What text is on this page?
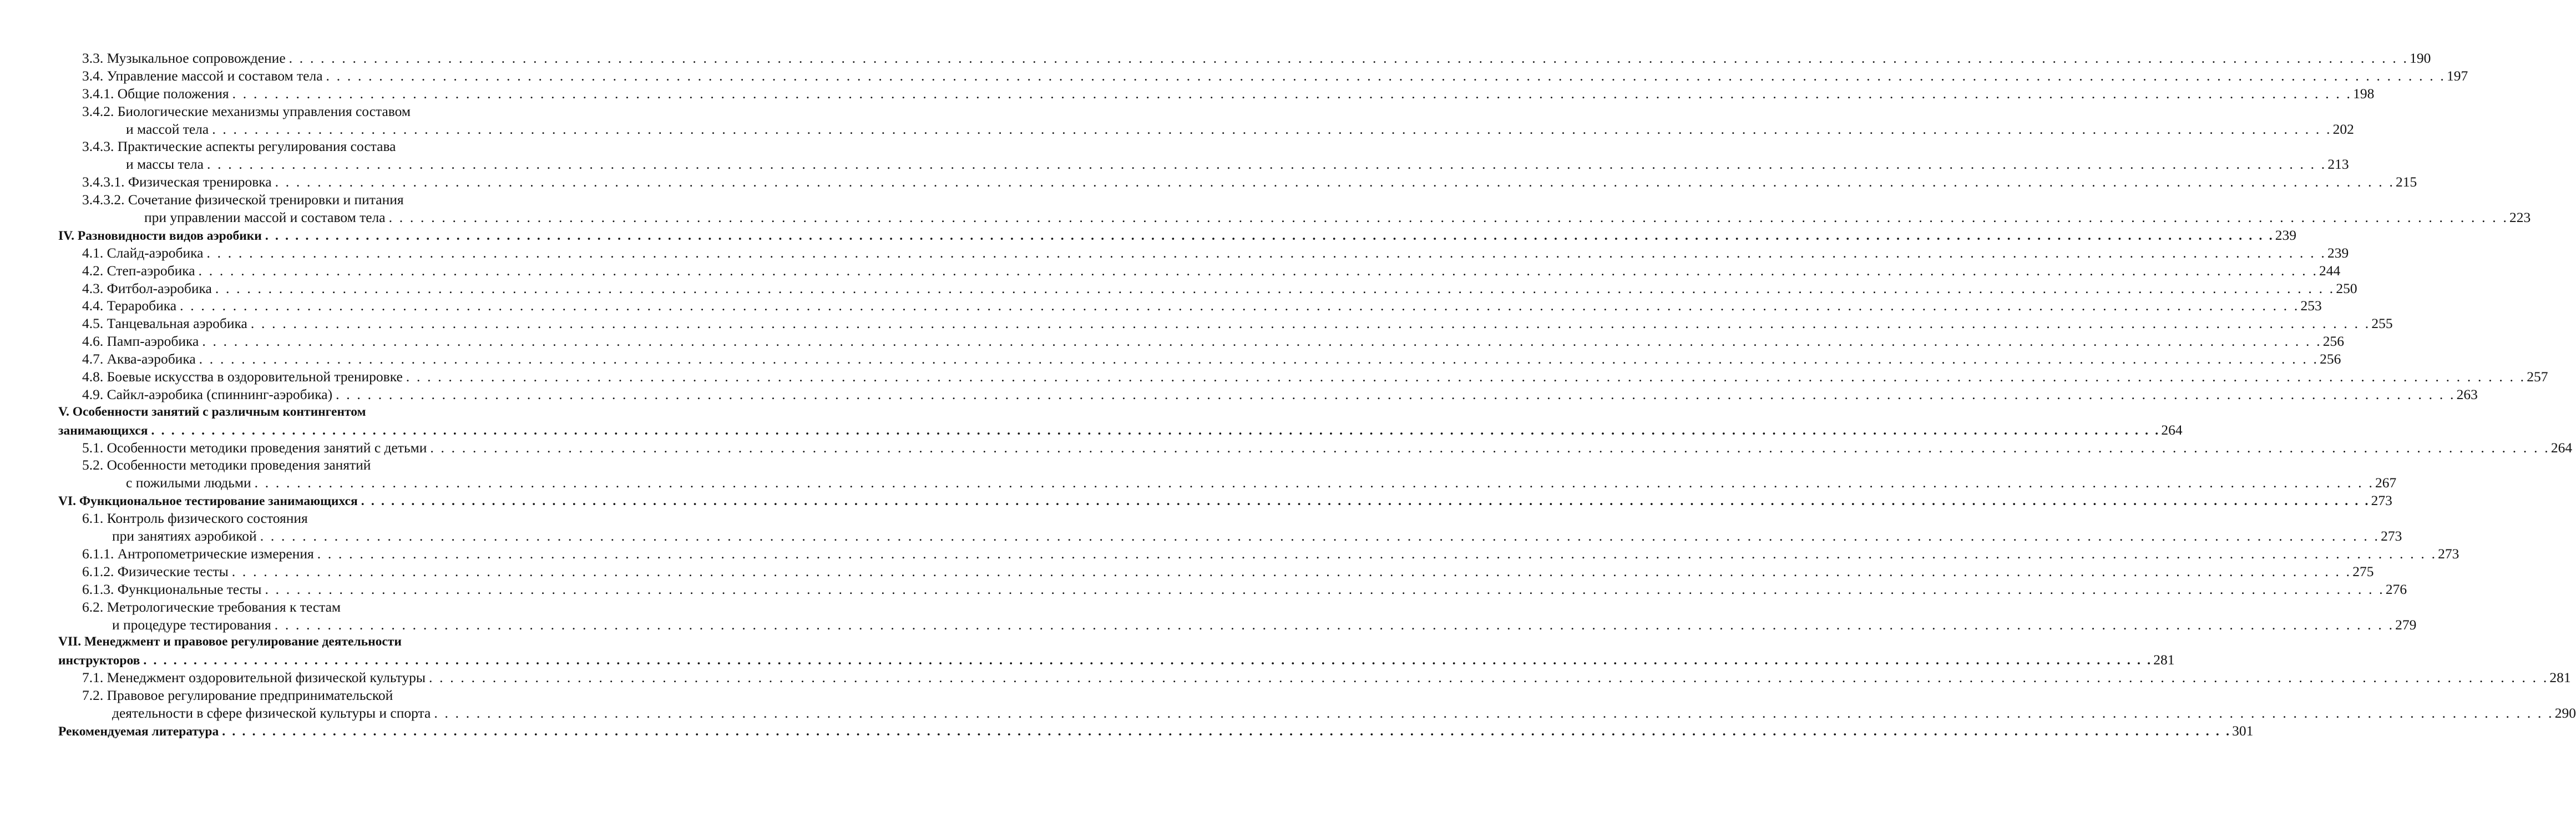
3.3. Музыкальное сопровождение . . . . . . . . . . . . . . . . . . . . . . . . . . . . . . . . . . . . . . . . . . . . . . . . . . . . . . . . . . . . . . . . . . . . . . . . . . . . . . . . . . . . . . . . . . . . . . . . . . . . . . . . . . . . . . . . . . . . . . . . . . . . . . . . . . . . . . . . . . . . . . . . . . . . . . . . . . . . . . . . . . . . . . . . . . . . . . . . . . . . . . . . . . . . . . . . . . . . . . . . 190
3.4. Управление массой и составом тела . . . . . . . . . . . . . . . . . . . . . . . . . . . . . . . . . . . . . . . . . . . . . . . . . . . . . . . . . . . . . . . . . . . . . . . . . . . . . . . . . . . . . . . . . . . . . . . . . . . . . . . . . . . . . . . . . . . . . . . . . . . . . . . . . . . . . . . . . . . . . . . . . . . . . . . . . . . . . . . . . . . . . . . . . . . . . . . . . . . . . . . . . . . . . . . . . . . . . . . . 197
3.4.1. Общие положения . . . . . . . . . . . . . . . . . . . . . . . . . . . . . . . . . . . . . . . . . . . . . . . . . . . . . . . . . . . . . . . . . . . . . . . . . . . . . . . . . . . . . . . . . . . . . . . . . . . . . . . . . . . . . . . . . . . . . . . . . . . . . . . . . . . . . . . . . . . . . . . . . . . . . . . . . . . . . . . . . . . . . . . . . . . . . . . . . . . . . . . . . . . . . . . . . . . . . . . . 198
3.4.2. Биологические механизмы управления составом
и массой тела . . . . . . . . . . . . . . . . . . . . . . . . . . . . . . . . . . . . . . . . . . . . . . . . . . . . . . . . . . . . . . . . . . . . . . . . . . . . . . . . . . . . . . . . . . . . . . . . . . . . . . . . . . . . . . . . . . . . . . . . . . . . . . . . . . . . . . . . . . . . . . . . . . . . . . . . . . . . . . . . . . . . . . . . . . . . . . . . . . . . . . . . . . . . . . . . . . . . . . . . 202
3.4.3. Практические аспекты регулирования состава
и массы тела . . . . . . . . . . . . . . . . . . . . . . . . . . . . . . . . . . . . . . . . . . . . . . . . . . . . . . . . . . . . . . . . . . . . . . . . . . . . . . . . . . . . . . . . . . . . . . . . . . . . . . . . . . . . . . . . . . . . . . . . . . . . . . . . . . . . . . . . . . . . . . . . . . . . . . . . . . . . . . . . . . . . . . . . . . . . . . . . . . . . . . . . . . . . . . . . . . . . . . . . 213
3.4.3.1. Физическая тренировка . . . . . . . . . . . . . . . . . . . . . . . . . . . . . . . . . . . . . . . . . . . . . . . . . . . . . . . . . . . . . . . . . . . . . . . . . . . . . . . . . . . . . . . . . . . . . . . . . . . . . . . . . . . . . . . . . . . . . . . . . . . . . . . . . . . . . . . . . . . . . . . . . . . . . . . . . . . . . . . . . . . . . . . . . . . . . . . . . . . . . . . . . . . . . . . . . . . . . . . . 215
3.4.3.2. Сочетание физической тренировки и питания
при управлении массой и составом тела . . . . . . . . . . . . . . . . . . . . . . . . . . . . . . . . . . . . . . . . . . . . . . . . . . . . . . . . . . . . . . . . . . . . . . . . . . . . . . . . . . . . . . . . . . . . . . . . . . . . . . . . . . . . . . . . . . . . . . . . . . . . . . . . . . . . . . . . . . . . . . . . . . . . . . . . . . . . . . . . . . . . . . . . . . . . . . . . . . . . . . . . . . . . . . . . . . . . . . . . 223
IV. Разновидности видов аэробики . . . . . . . . . . . . . . . . . . . . . . . . . . . . . . . . . . . . . . . . . . . . . . . . . . . . . . . . . . . . . . . . . . . . . . . . . . . . . . . . . . . . . . . . . . . . . . . . . . . . . . . . . . . . . . . . . . . . . . . . . . . . . . . . . . . . . . . . . . . . . . . . . . . . . . . . . . . . . . . . . . . . . . . . . . . . . . . . . . . . . . . . . . . . . . . . . . . . . . . . 239
4.1. Слайд-аэробика . . . . . . . . . . . . . . . . . . . . . . . . . . . . . . . . . . . . . . . . . . . . . . . . . . . . . . . . . . . . . . . . . . . . . . . . . . . . . . . . . . . . . . . . . . . . . . . . . . . . . . . . . . . . . . . . . . . . . . . . . . . . . . . . . . . . . . . . . . . . . . . . . . . . . . . . . . . . . . . . . . . . . . . . . . . . . . . . . . . . . . . . . . . . . . . . . . . . . . . . 239
4.2. Степ-аэробика . . . . . . . . . . . . . . . . . . . . . . . . . . . . . . . . . . . . . . . . . . . . . . . . . . . . . . . . . . . . . . . . . . . . . . . . . . . . . . . . . . . . . . . . . . . . . . . . . . . . . . . . . . . . . . . . . . . . . . . . . . . . . . . . . . . . . . . . . . . . . . . . . . . . . . . . . . . . . . . . . . . . . . . . . . . . . . . . . . . . . . . . . . . . . . . . . . . . . . . . 244
4.3. Фитбол-аэробика . . . . . . . . . . . . . . . . . . . . . . . . . . . . . . . . . . . . . . . . . . . . . . . . . . . . . . . . . . . . . . . . . . . . . . . . . . . . . . . . . . . . . . . . . . . . . . . . . . . . . . . . . . . . . . . . . . . . . . . . . . . . . . . . . . . . . . . . . . . . . . . . . . . . . . . . . . . . . . . . . . . . . . . . . . . . . . . . . . . . . . . . . . . . . . . . . . . . . . . . 250
4.4. Тераробика . . . . . . . . . . . . . . . . . . . . . . . . . . . . . . . . . . . . . . . . . . . . . . . . . . . . . . . . . . . . . . . . . . . . . . . . . . . . . . . . . . . . . . . . . . . . . . . . . . . . . . . . . . . . . . . . . . . . . . . . . . . . . . . . . . . . . . . . . . . . . . . . . . . . . . . . . . . . . . . . . . . . . . . . . . . . . . . . . . . . . . . . . . . . . . . . . . . . . . . . 253
4.5. Танцевальная аэробика . . . . . . . . . . . . . . . . . . . . . . . . . . . . . . . . . . . . . . . . . . . . . . . . . . . . . . . . . . . . . . . . . . . . . . . . . . . . . . . . . . . . . . . . . . . . . . . . . . . . . . . . . . . . . . . . . . . . . . . . . . . . . . . . . . . . . . . . . . . . . . . . . . . . . . . . . . . . . . . . . . . . . . . . . . . . . . . . . . . . . . . . . . . . . . . . . . . . . . . . 255
4.6. Памп-аэробика . . . . . . . . . . . . . . . . . . . . . . . . . . . . . . . . . . . . . . . . . . . . . . . . . . . . . . . . . . . . . . . . . . . . . . . . . . . . . . . . . . . . . . . . . . . . . . . . . . . . . . . . . . . . . . . . . . . . . . . . . . . . . . . . . . . . . . . . . . . . . . . . . . . . . . . . . . . . . . . . . . . . . . . . . . . . . . . . . . . . . . . . . . . . . . . . . . . . . . . . 256
4.7. Аква-аэробика . . . . . . . . . . . . . . . . . . . . . . . . . . . . . . . . . . . . . . . . . . . . . . . . . . . . . . . . . . . . . . . . . . . . . . . . . . . . . . . . . . . . . . . . . . . . . . . . . . . . . . . . . . . . . . . . . . . . . . . . . . . . . . . . . . . . . . . . . . . . . . . . . . . . . . . . . . . . . . . . . . . . . . . . . . . . . . . . . . . . . . . . . . . . . . . . . . . . . . . . 256
4.8. Боевые искусства в оздоровительной тренировке . . . . . . . . . . . . . . . . . . . . . . . . . . . . . . . . . . . . . . . . . . . . . . . . . . . . . . . . . . . . . . . . . . . . . . . . . . . . . . . . . . . . . . . . . . . . . . . . . . . . . . . . . . . . . . . . . . . . . . . . . . . . . . . . . . . . . . . . . . . . . . . . . . . . . . . . . . . . . . . . . . . . . . . . . . . . . . . . . . . . . . . . . . . . . . . . . . . . . . . . 257
4.9. Сайкл-аэробика (спиннинг-аэробика) . . . . . . . . . . . . . . . . . . . . . . . . . . . . . . . . . . . . . . . . . . . . . . . . . . . . . . . . . . . . . . . . . . . . . . . . . . . . . . . . . . . . . . . . . . . . . . . . . . . . . . . . . . . . . . . . . . . . . . . . . . . . . . . . . . . . . . . . . . . . . . . . . . . . . . . . . . . . . . . . . . . . . . . . . . . . . . . . . . . . . . . . . . . . . . . . . . . . . . . . 263
V. Особенности занятий с различным контингентом
занимающихся . . . . . . . . . . . . . . . . . . . . . . . . . . . . . . . . . . . . . . . . . . . . . . . . . . . . . . . . . . . . . . . . . . . . . . . . . . . . . . . . . . . . . . . . . . . . . . . . . . . . . . . . . . . . . . . . . . . . . . . . . . . . . . . . . . . . . . . . . . . . . . . . . . . . . . . . . . . . . . . . . . . . . . . . . . . . . . . . . . . . . . . . . . . . . . . . . . . . . . . . 264
5.1. Особенности методики проведения занятий с детьми . . . . . . . . . . . . . . . . . . . . . . . . . . . . . . . . . . . . . . . . . . . . . . . . . . . . . . . . . . . . . . . . . . . . . . . . . . . . . . . . . . . . . . . . . . . . . . . . . . . . . . . . . . . . . . . . . . . . . . . . . . . . . . . . . . . . . . . . . . . . . . . . . . . . . . . . . . . . . . . . . . . . . . . . . . . . . . . . . . . . . . . . . . . . . . . . . . . . . . . . 264
5.2. Особенности методики проведения занятий
с пожилыми людьми . . . . . . . . . . . . . . . . . . . . . . . . . . . . . . . . . . . . . . . . . . . . . . . . . . . . . . . . . . . . . . . . . . . . . . . . . . . . . . . . . . . . . . . . . . . . . . . . . . . . . . . . . . . . . . . . . . . . . . . . . . . . . . . . . . . . . . . . . . . . . . . . . . . . . . . . . . . . . . . . . . . . . . . . . . . . . . . . . . . . . . . . . . . . . . . . . . . . . . . . 267
VI. Функциональное тестирование занимающихся . . . . . . . . . . . . . . . . . . . . . . . . . . . . . . . . . . . . . . . . . . . . . . . . . . . . . . . . . . . . . . . . . . . . . . . . . . . . . . . . . . . . . . . . . . . . . . . . . . . . . . . . . . . . . . . . . . . . . . . . . . . . . . . . . . . . . . . . . . . . . . . . . . . . . . . . . . . . . . . . . . . . . . . . . . . . . . . . . . . . . . . . . . . . . . . . . . . . . . . . 273
6.1. Контроль физического состояния
при занятиях аэробикой . . . . . . . . . . . . . . . . . . . . . . . . . . . . . . . . . . . . . . . . . . . . . . . . . . . . . . . . . . . . . . . . . . . . . . . . . . . . . . . . . . . . . . . . . . . . . . . . . . . . . . . . . . . . . . . . . . . . . . . . . . . . . . . . . . . . . . . . . . . . . . . . . . . . . . . . . . . . . . . . . . . . . . . . . . . . . . . . . . . . . . . . . . . . . . . . . . . . . . . . 273
6.1.1. Антропометрические измерения . . . . . . . . . . . . . . . . . . . . . . . . . . . . . . . . . . . . . . . . . . . . . . . . . . . . . . . . . . . . . . . . . . . . . . . . . . . . . . . . . . . . . . . . . . . . . . . . . . . . . . . . . . . . . . . . . . . . . . . . . . . . . . . . . . . . . . . . . . . . . . . . . . . . . . . . . . . . . . . . . . . . . . . . . . . . . . . . . . . . . . . . . . . . . . . . . . . . . . . . 273
6.1.2. Физические тесты . . . . . . . . . . . . . . . . . . . . . . . . . . . . . . . . . . . . . . . . . . . . . . . . . . . . . . . . . . . . . . . . . . . . . . . . . . . . . . . . . . . . . . . . . . . . . . . . . . . . . . . . . . . . . . . . . . . . . . . . . . . . . . . . . . . . . . . . . . . . . . . . . . . . . . . . . . . . . . . . . . . . . . . . . . . . . . . . . . . . . . . . . . . . . . . . . . . . . . . . 275
6.1.3. Функциональные тесты . . . . . . . . . . . . . . . . . . . . . . . . . . . . . . . . . . . . . . . . . . . . . . . . . . . . . . . . . . . . . . . . . . . . . . . . . . . . . . . . . . . . . . . . . . . . . . . . . . . . . . . . . . . . . . . . . . . . . . . . . . . . . . . . . . . . . . . . . . . . . . . . . . . . . . . . . . . . . . . . . . . . . . . . . . . . . . . . . . . . . . . . . . . . . . . . . . . . . . . . 276
6.2. Метрологические требования к тестам
и процедуре тестирования . . . . . . . . . . . . . . . . . . . . . . . . . . . . . . . . . . . . . . . . . . . . . . . . . . . . . . . . . . . . . . . . . . . . . . . . . . . . . . . . . . . . . . . . . . . . . . . . . . . . . . . . . . . . . . . . . . . . . . . . . . . . . . . . . . . . . . . . . . . . . . . . . . . . . . . . . . . . . . . . . . . . . . . . . . . . . . . . . . . . . . . . . . . . . . . . . . . . . . . . 279
VII. Менеджмент и правовое регулирование деятельности
инструкторов . . . . . . . . . . . . . . . . . . . . . . . . . . . . . . . . . . . . . . . . . . . . . . . . . . . . . . . . . . . . . . . . . . . . . . . . . . . . . . . . . . . . . . . . . . . . . . . . . . . . . . . . . . . . . . . . . . . . . . . . . . . . . . . . . . . . . . . . . . . . . . . . . . . . . . . . . . . . . . . . . . . . . . . . . . . . . . . . . . . . . . . . . . . . . . . . . . . . . . . . 281
7.1. Менеджмент оздоровительной физической культуры . . . . . . . . . . . . . . . . . . . . . . . . . . . . . . . . . . . . . . . . . . . . . . . . . . . . . . . . . . . . . . . . . . . . . . . . . . . . . . . . . . . . . . . . . . . . . . . . . . . . . . . . . . . . . . . . . . . . . . . . . . . . . . . . . . . . . . . . . . . . . . . . . . . . . . . . . . . . . . . . . . . . . . . . . . . . . . . . . . . . . . . . . . . . . . . . . . . . . . . . 281
7.2. Правовое регулирование предпринимательской
деятельности в сфере физической культуры и спорта . . . . . . . . . . . . . . . . . . . . . . . . . . . . . . . . . . . . . . . . . . . . . . . . . . . . . . . . . . . . . . . . . . . . . . . . . . . . . . . . . . . . . . . . . . . . . . . . . . . . . . . . . . . . . . . . . . . . . . . . . . . . . . . . . . . . . . . . . . . . . . . . . . . . . . . . . . . . . . . . . . . . . . . . . . . . . . . . . . . . . . . . . . . . . . . . . . . . . . . . 290
Рекомендуемая литература . . . . . . . . . . . . . . . . . . . . . . . . . . . . . . . . . . . . . . . . . . . . . . . . . . . . . . . . . . . . . . . . . . . . . . . . . . . . . . . . . . . . . . . . . . . . . . . . . . . . . . . . . . . . . . . . . . . . . . . . . . . . . . . . . . . . . . . . . . . . . . . . . . . . . . . . . . . . . . . . . . . . . . . . . . . . . . . . . . . . . . . . . . . . . . . . . . . . . . . . 301
